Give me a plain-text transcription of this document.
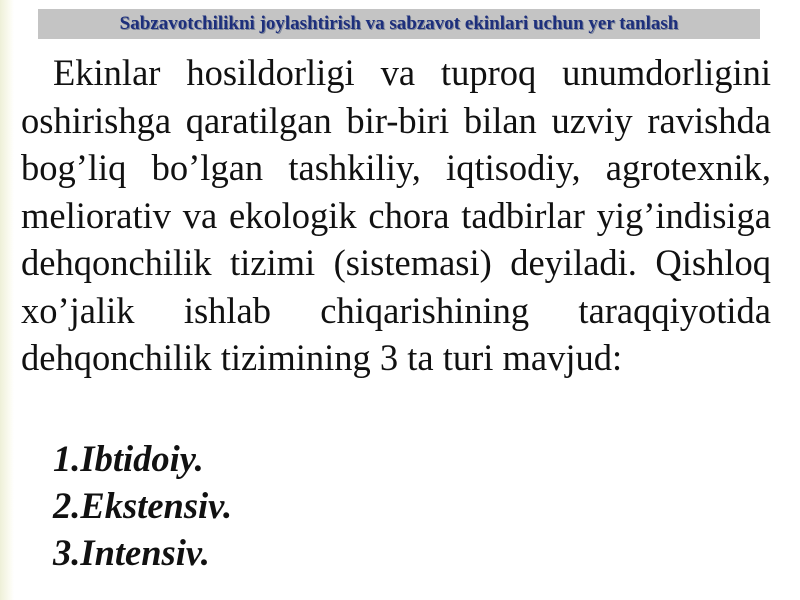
Sabzavotchilikni joylashtirish va sabzavot ekinlari uchun yer tanlash

Ekinlar hosildorligi va tuproq unumdorligini oshirishga qaratilgan bir-biri bilan uzviy ravishda bog’liq bo’lgan tashkiliy, iqtisodiy, agrotexnik, meliorativ va ekologik chora tadbirlar yig’indisiga dehqonchilik tizimi (sistemasi) deyiladi. Qishloq xo’jalik ishlab chiqarishining taraqqiyotida dehqonchilik tizimining 3 ta turi mavjud:

1.Ibtidoiy.
2.Ekstensiv.
3.Intensiv.
